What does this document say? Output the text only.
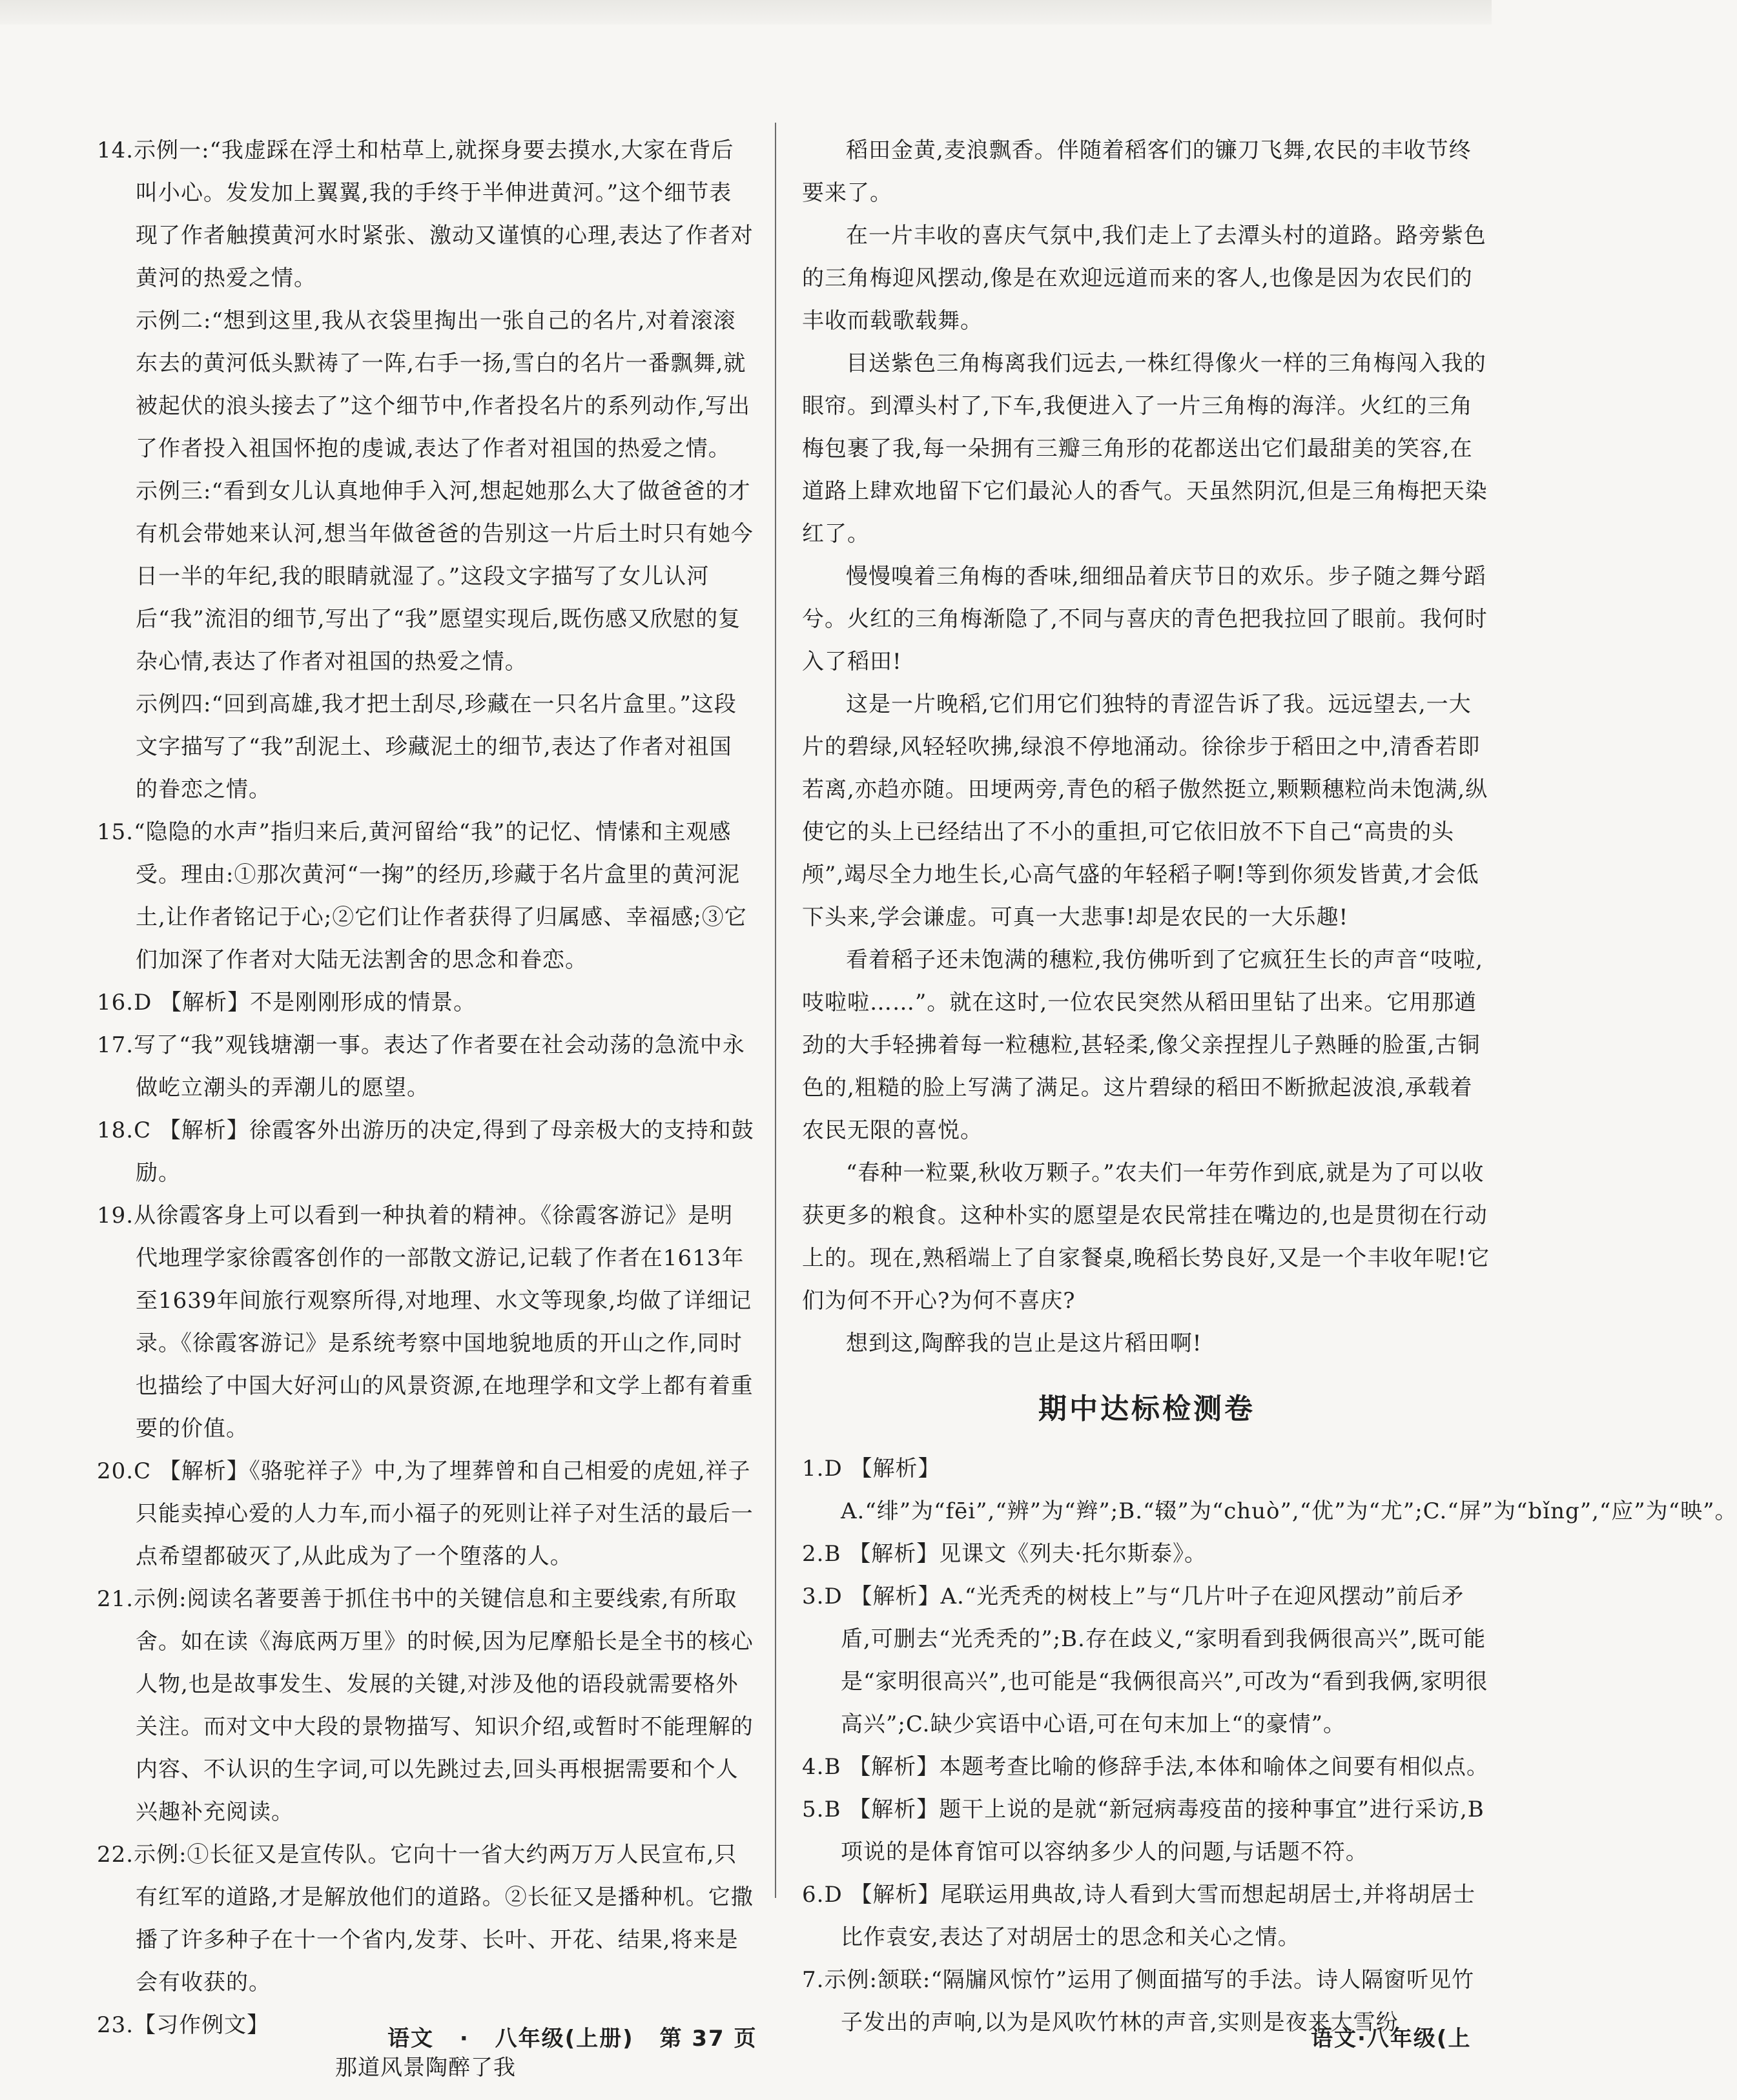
14.示例一:“我虚踩在浮土和枯草上,就探身要去摸水,大家在背后叫小心。发发加上翼翼,我的手终于半伸进黄河。”这个细节表现了作者触摸黄河水时紧张、激动又谨慎的心理,表达了作者对黄河的热爱之情。

示例二:“想到这里,我从衣袋里掏出一张自己的名片,对着滚滚东去的黄河低头默祷了一阵,右手一扬,雪白的名片一番飘舞,就被起伏的浪头接去了”这个细节中,作者投名片的系列动作,写出了作者投入祖国怀抱的虔诚,表达了作者对祖国的热爱之情。

示例三:“看到女儿认真地伸手入河,想起她那么大了做爸爸的才有机会带她来认河,想当年做爸爸的告别这一片后土时只有她今日一半的年纪,我的眼睛就湿了。”这段文字描写了女儿认河后“我”流泪的细节,写出了“我”愿望实现后,既伤感又欣慰的复杂心情,表达了作者对祖国的热爱之情。

示例四:“回到高雄,我才把土刮尽,珍藏在一只名片盒里。”这段文字描写了“我”刮泥土、珍藏泥土的细节,表达了作者对祖国的眷恋之情。

15.“隐隐的水声”指归来后,黄河留给“我”的记忆、情愫和主观感受。理由:①那次黄河“一掬”的经历,珍藏于名片盒里的黄河泥土,让作者铭记于心;②它们让作者获得了归属感、幸福感;③它们加深了作者对大陆无法割舍的思念和眷恋。

16.D 【解析】不是刚刚形成的情景。

17.写了“我”观钱塘潮一事。表达了作者要在社会动荡的急流中永做屹立潮头的弄潮儿的愿望。

18.C 【解析】徐霞客外出游历的决定,得到了母亲极大的支持和鼓励。

19.从徐霞客身上可以看到一种执着的精神。《徐霞客游记》是明代地理学家徐霞客创作的一部散文游记,记载了作者在1613年至1639年间旅行观察所得,对地理、水文等现象,均做了详细记录。《徐霞客游记》是系统考察中国地貌地质的开山之作,同时也描绘了中国大好河山的风景资源,在地理学和文学上都有着重要的价值。

20.C 【解析】《骆驼祥子》中,为了埋葬曾和自己相爱的虎妞,祥子只能卖掉心爱的人力车,而小福子的死则让祥子对生活的最后一点希望都破灭了,从此成为了一个堕落的人。

21.示例:阅读名著要善于抓住书中的关键信息和主要线索,有所取舍。如在读《海底两万里》的时候,因为尼摩船长是全书的核心人物,也是故事发生、发展的关键,对涉及他的语段就需要格外关注。而对文中大段的景物描写、知识介绍,或暂时不能理解的内容、不认识的生字词,可以先跳过去,回头再根据需要和个人兴趣补充阅读。

22.示例:①长征又是宣传队。它向十一省大约两万万人民宣布,只有红军的道路,才是解放他们的道路。②长征又是播种机。它撒播了许多种子在十一个省内,发芽、长叶、开花、结果,将来是会有收获的。

23.【习作例文】

那道风景陶醉了我

稻田金黄,麦浪飘香。伴随着稻客们的镰刀飞舞,农民的丰收节终要来了。

在一片丰收的喜庆气氛中,我们走上了去潭头村的道路。路旁紫色的三角梅迎风摆动,像是在欢迎远道而来的客人,也像是因为农民们的丰收而载歌载舞。

目送紫色三角梅离我们远去,一株红得像火一样的三角梅闯入我的眼帘。到潭头村了,下车,我便进入了一片三角梅的海洋。火红的三角梅包裹了我,每一朵拥有三瓣三角形的花都送出它们最甜美的笑容,在道路上肆欢地留下它们最沁人的香气。天虽然阴沉,但是三角梅把天染红了。

慢慢嗅着三角梅的香味,细细品着庆节日的欢乐。步子随之舞兮蹈兮。火红的三角梅渐隐了,不同与喜庆的青色把我拉回了眼前。我何时入了稻田!

这是一片晚稻,它们用它们独特的青涩告诉了我。远远望去,一大片的碧绿,风轻轻吹拂,绿浪不停地涌动。徐徐步于稻田之中,清香若即若离,亦趋亦随。田埂两旁,青色的稻子傲然挺立,颗颗穗粒尚未饱满,纵使它的头上已经结出了不小的重担,可它依旧放不下自己“高贵的头颅”,竭尽全力地生长,心高气盛的年轻稻子啊!等到你须发皆黄,才会低下头来,学会谦虚。可真一大悲事!却是农民的一大乐趣!

看着稻子还未饱满的穗粒,我仿佛听到了它疯狂生长的声音“吱啦,吱啦啦……”。就在这时,一位农民突然从稻田里钻了出来。它用那遒劲的大手轻拂着每一粒穗粒,甚轻柔,像父亲捏捏儿子熟睡的脸蛋,古铜色的,粗糙的脸上写满了满足。这片碧绿的稻田不断掀起波浪,承载着农民无限的喜悦。

“春种一粒粟,秋收万颗子。”农夫们一年劳作到底,就是为了可以收获更多的粮食。这种朴实的愿望是农民常挂在嘴边的,也是贯彻在行动上的。现在,熟稻端上了自家餐桌,晚稻长势良好,又是一个丰收年呢!它们为何不开心?为何不喜庆?

想到这,陶醉我的岂止是这片稻田啊!

期中达标检测卷

1.D 【解析】A.“绯”为“fēi”,“辨”为“辫”;B.“辍”为“chuò”,“优”为“尤”;C.“屏”为“bǐng”,“应”为“映”。

2.B 【解析】见课文《列夫·托尔斯泰》。

3.D 【解析】A.“光秃秃的树枝上”与“几片叶子在迎风摆动”前后矛盾,可删去“光秃秃的”;B.存在歧义,“家明看到我俩很高兴”,既可能是“家明很高兴”,也可能是“我俩很高兴”,可改为“看到我俩,家明很高兴”;C.缺少宾语中心语,可在句末加上“的豪情”。

4.B 【解析】本题考查比喻的修辞手法,本体和喻体之间要有相似点。

5.B 【解析】题干上说的是就“新冠病毒疫苗的接种事宜”进行采访,B项说的是体育馆可以容纳多少人的问题,与话题不符。

6.D 【解析】尾联运用典故,诗人看到大雪而想起胡居士,并将胡居士比作袁安,表达了对胡居士的思念和关心之情。

7.示例:颔联:“隔牖风惊竹”运用了侧面描写的手法。诗人隔窗听见竹子发出的声响,以为是风吹竹林的声音,实则是夜来大雪纷

语文 · 八年级(上册) 第 37 页	语文·八年级(上
